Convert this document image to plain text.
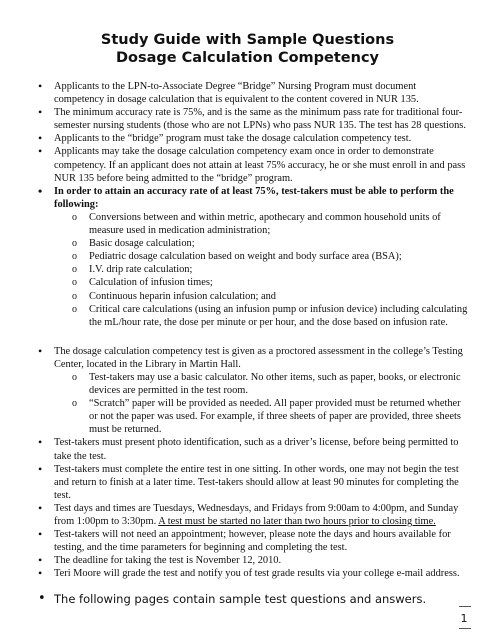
Study Guide with Sample Questions
Dosage Calculation Competency
• Applicants to the LPN-to-Associate Degree “Bridge” Nursing Program must document competency in dosage calculation that is equivalent to the content covered in NUR 135.
• The minimum accuracy rate is 75%, and is the same as the minimum pass rate for traditional four-semester nursing students (those who are not LPNs) who pass NUR 135. The test has 28 questions.
• Applicants to the “bridge” program must take the dosage calculation competency test.
• Applicants may take the dosage calculation competency exam once in order to demonstrate competency. If an applicant does not attain at least 75% accuracy, he or she must enroll in and pass NUR 135 before being admitted to the “bridge” program.
• In order to attain an accuracy rate of at least 75%, test-takers must be able to perform the following:
o Conversions between and within metric, apothecary and common household units of measure used in medication administration;
o Basic dosage calculation;
o Pediatric dosage calculation based on weight and body surface area (BSA);
o I.V. drip rate calculation;
o Calculation of infusion times;
o Continuous heparin infusion calculation; and
o Critical care calculations (using an infusion pump or infusion device) including calculating the mL/hour rate, the dose per minute or per hour, and the dose based on infusion rate.
• The dosage calculation competency test is given as a proctored assessment in the college’s Testing Center, located in the Library in Martin Hall.
o Test-takers may use a basic calculator. No other items, such as paper, books, or electronic devices are permitted in the test room.
o “Scratch” paper will be provided as needed. All paper provided must be returned whether or not the paper was used. For example, if three sheets of paper are provided, three sheets must be returned.
• Test-takers must present photo identification, such as a driver’s license, before being permitted to take the test.
• Test-takers must complete the entire test in one sitting. In other words, one may not begin the test and return to finish at a later time. Test-takers should allow at least 90 minutes for completing the test.
• Test days and times are Tuesdays, Wednesdays, and Fridays from 9:00am to 4:00pm, and Sunday from 1:00pm to 3:30pm. A test must be started no later than two hours prior to closing time.
• Test-takers will not need an appointment; however, please note the days and hours available for testing, and the time parameters for beginning and completing the test.
• The deadline for taking the test is November 12, 2010.
• Teri Moore will grade the test and notify you of test grade results via your college e-mail address.
• The following pages contain sample test questions and answers.
1
